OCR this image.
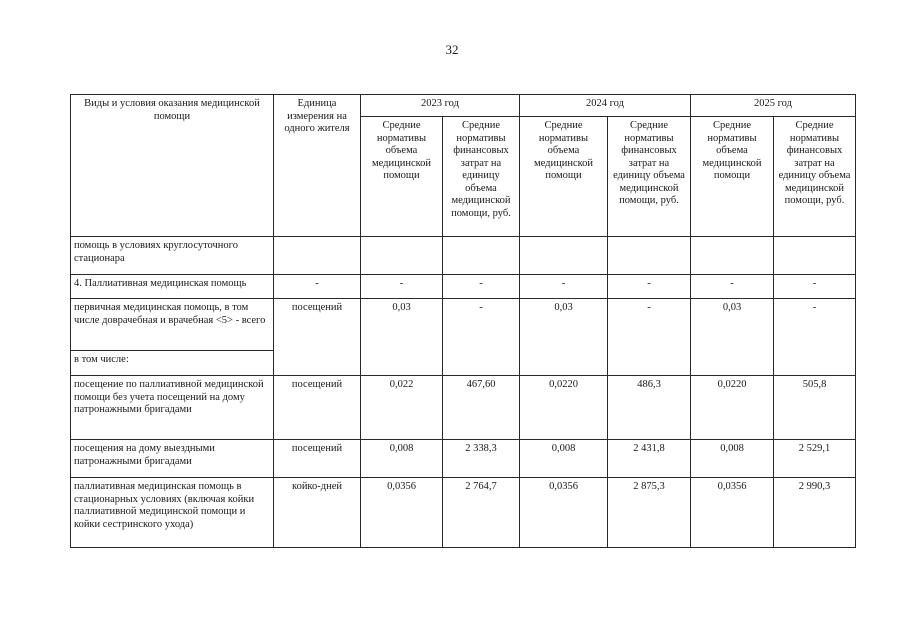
32
Виды и условия оказания медицинской помощи	Единица измерения на одного жителя	2023 год		2024 год		2025 год	
		Средние нормативы объема медицинской помощи	Средние нормативы финансовых затрат на единицу объема медицинской помощи, руб.	Средние нормативы объема медицинской помощи	Средние нормативы финансовых затрат на единицу объема медицинской помощи, руб.	Средние нормативы объема медицинской помощи	Средние нормативы финансовых затрат на единицу объема медицинской помощи, руб.
помощь в условиях круглосуточного стационара							
4. Паллиативная медицинская помощь	-	-	-	-	-	-	-
первичная медицинская помощь, в том числе доврачебная и врачебная <5> - всего	посещений	0,03	-	0,03	-	0,03	-
в том числе:							
посещение по паллиативной медицинской помощи без учета посещений на дому патронажными бригадами	посещений	0,022	467,60	0,0220	486,3	0,0220	505,8
посещения на дому выездными патронажными бригадами	посещений	0,008	2 338,3	0,008	2 431,8	0,008	2 529,1
паллиативная медицинская помощь в стационарных условиях (включая койки паллиативной медицинской помощи и койки сестринского ухода)	койко-дней	0,0356	2 764,7	0,0356	2 875,3	0,0356	2 990,3
